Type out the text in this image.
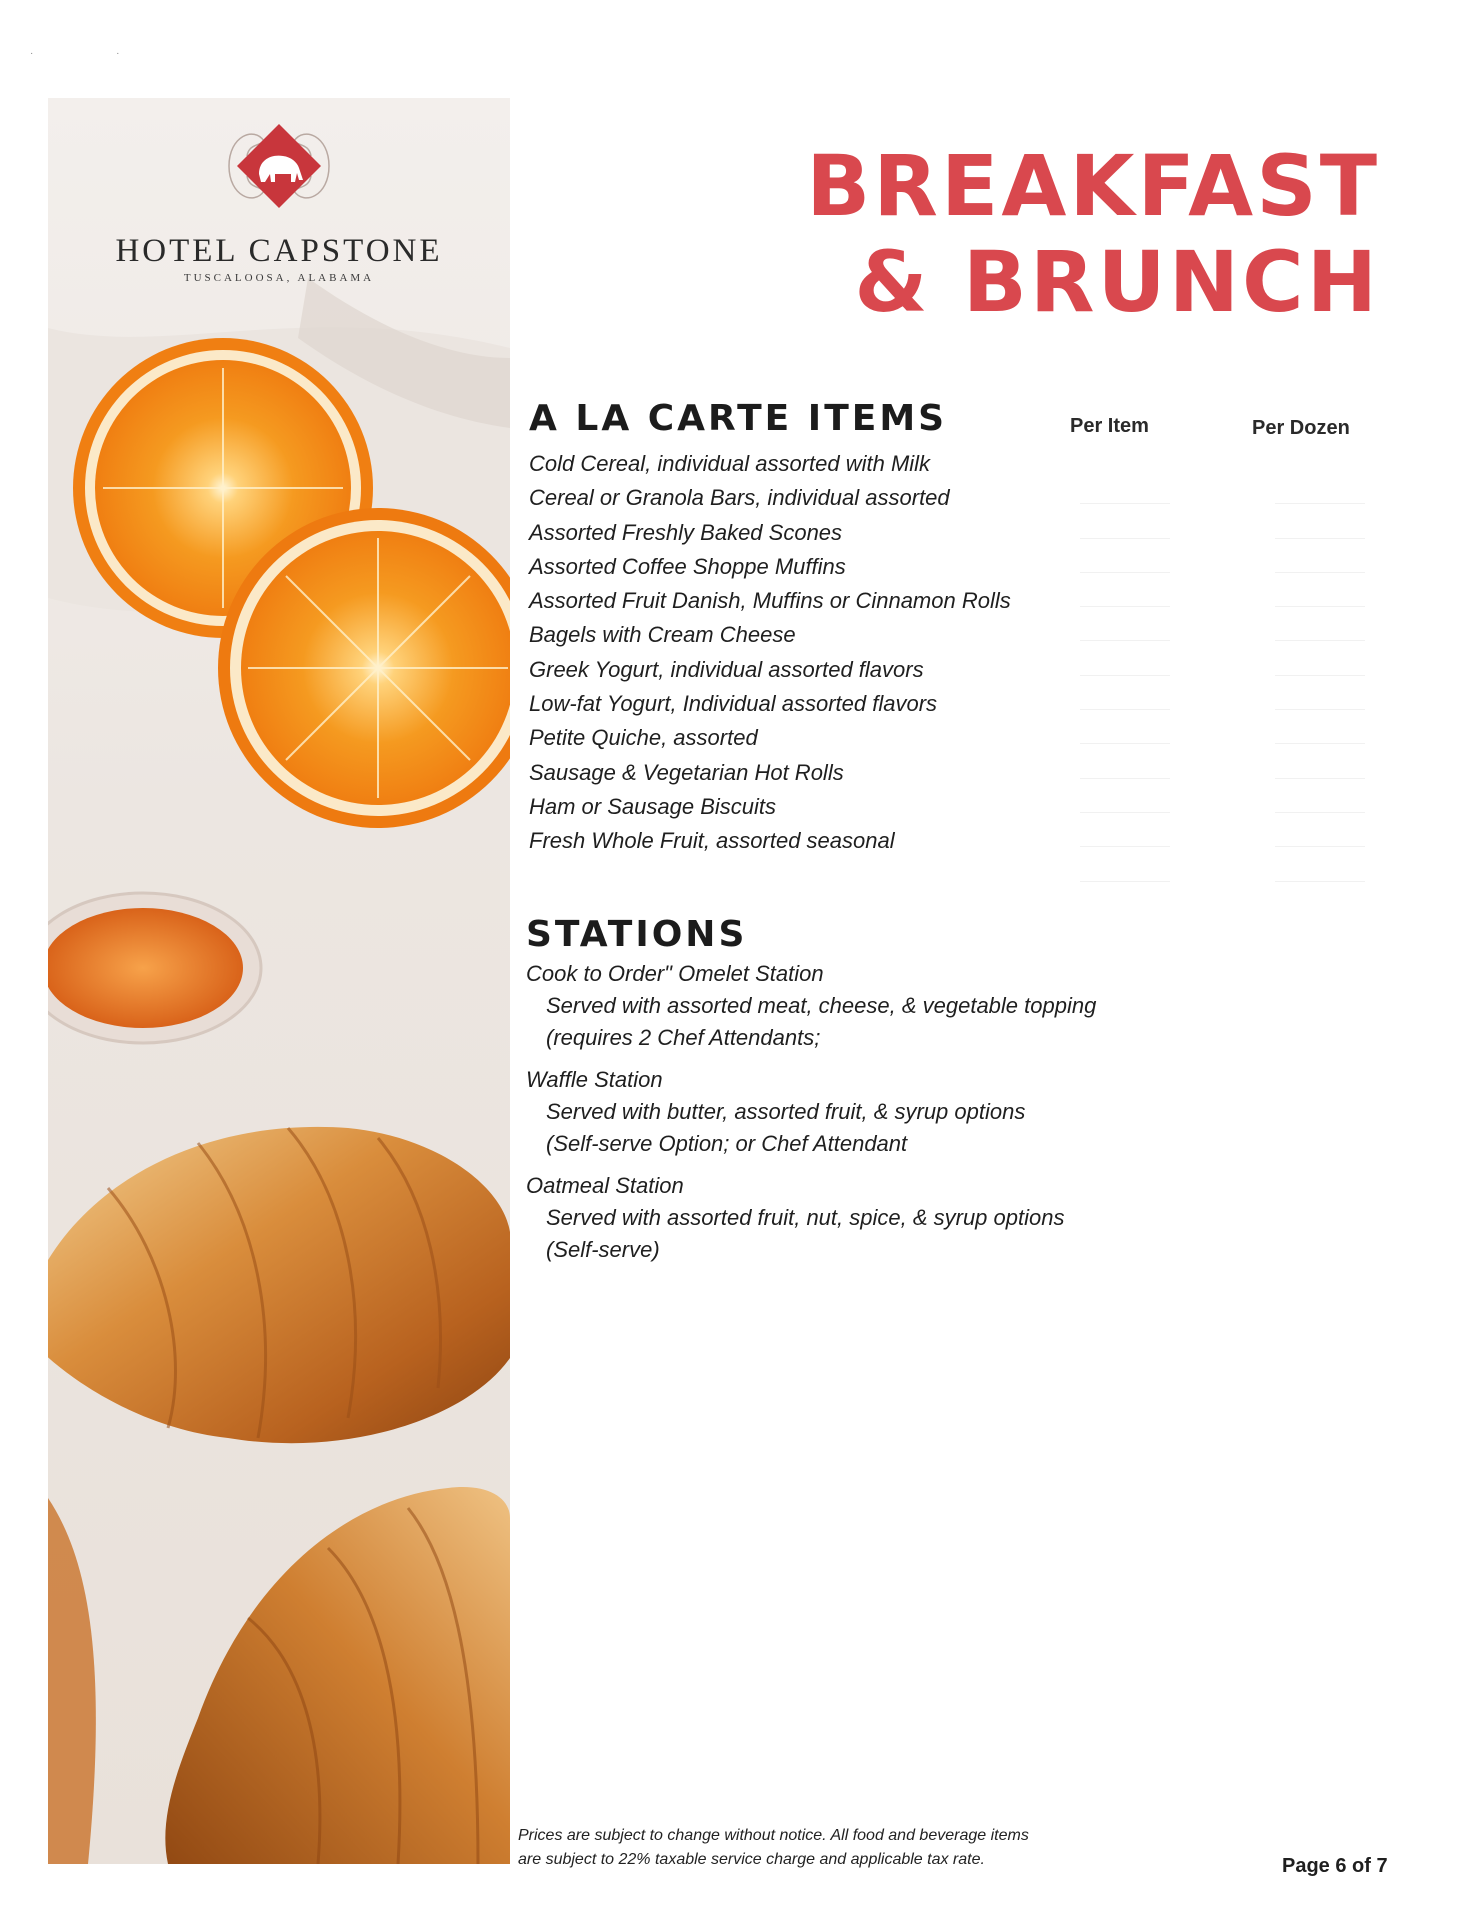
· ·
HOTEL CAPSTONE
TUSCALOOSA, ALABAMA
BREAKFAST
& BRUNCH
A LA CARTE ITEMS	Per Item	Per Dozen
Cold Cereal, individual assorted with Milk
Cereal or Granola Bars, individual assorted
Assorted Freshly Baked Scones
Assorted Coffee Shoppe Muffins
Assorted Fruit Danish, Muffins or Cinnamon Rolls
Bagels with Cream Cheese
Greek Yogurt, individual assorted flavors
Low-fat Yogurt, Individual assorted flavors
Petite Quiche, assorted
Sausage & Vegetarian Hot Rolls
Ham or Sausage Biscuits
Fresh Whole Fruit, assorted seasonal
STATIONS
Cook to Order" Omelet Station
Served with assorted meat, cheese, & vegetable topping
(requires 2 Chef Attendants;
Waffle Station
Served with butter, assorted fruit, & syrup options
(Self-serve Option; or Chef Attendant
Oatmeal Station
Served with assorted fruit, nut, spice, & syrup options
(Self-serve)
Prices are subject to change without notice. All food and beverage items
are subject to 22% taxable service charge and applicable tax rate.	Page 6 of 7
